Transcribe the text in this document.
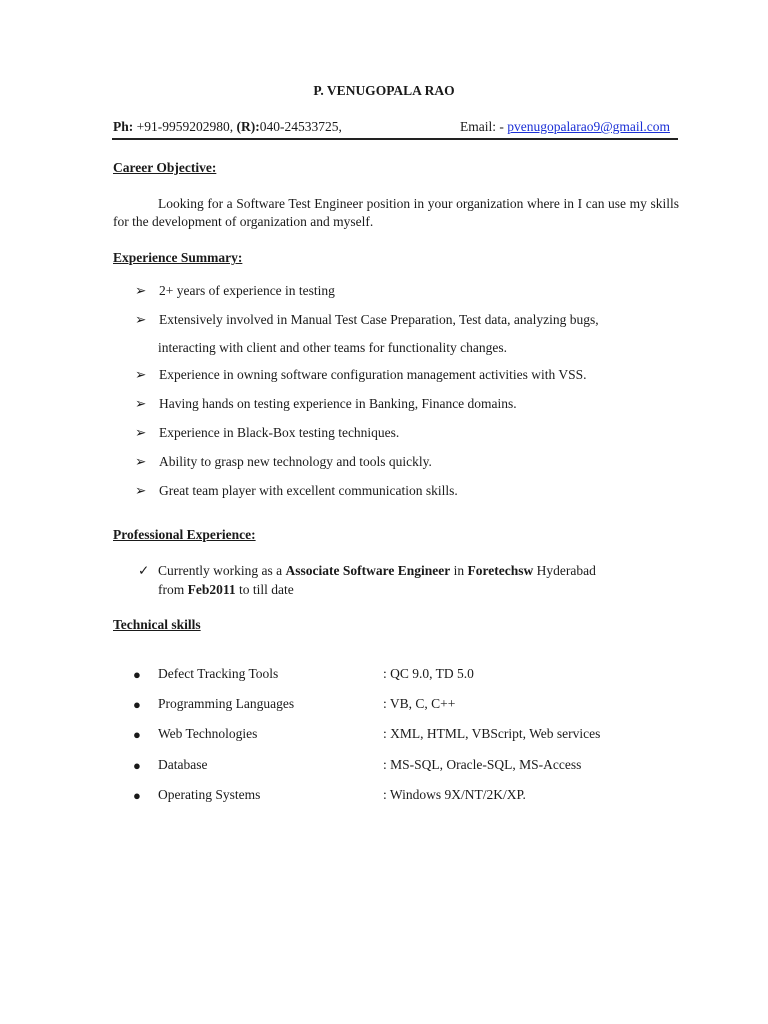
P. VENUGOPALA RAO
Ph: +91-9959202980, (R):040-24533725,	Email: - pvenugopalarao9@gmail.com
Career Objective:
Looking for a Software Test Engineer position in your organization where in I can use my skills for the development of organization and myself.
Experience Summary:
➢ 2+ years of experience in testing
➢ Extensively involved in Manual Test Case Preparation, Test data, analyzing bugs,
interacting with client and other teams for functionality changes.
➢ Experience in owning software configuration management activities with VSS.
➢ Having hands on testing experience in Banking, Finance domains.
➢ Experience in Black-Box testing techniques.
➢ Ability to grasp new technology and tools quickly.
➢ Great team player with excellent communication skills.
Professional Experience:
✓ Currently working as a Associate Software Engineer in Foretechsw Hyderabad
from Feb2011 to till date
Technical skills
● Defect Tracking Tools	: QC 9.0, TD 5.0
● Programming Languages	: VB, C, C++
● Web Technologies	: XML, HTML, VBScript, Web services
● Database	: MS-SQL, Oracle-SQL, MS-Access
● Operating Systems	: Windows 9X/NT/2K/XP.
